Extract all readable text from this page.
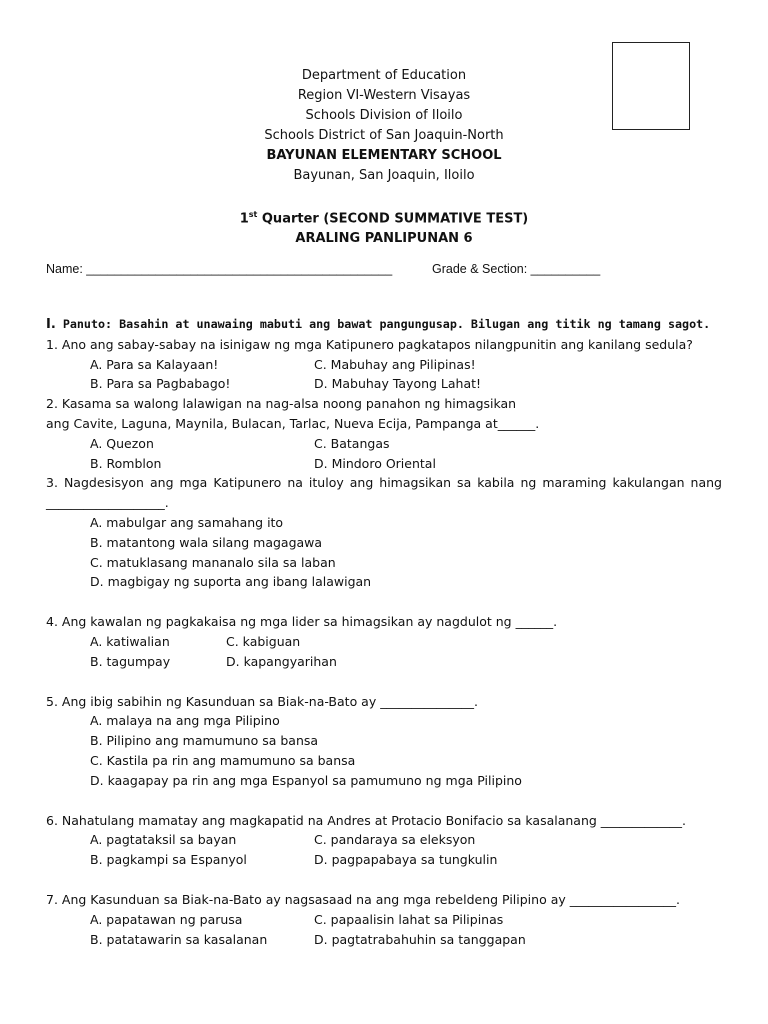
Department of Education
Region VI-Western Visayas
Schools Division of Iloilo
Schools District of San Joaquin-North
BAYUNAN ELEMENTARY SCHOOL
Bayunan, San Joaquin, Iloilo
1st Quarter (SECOND SUMMATIVE TEST)
ARALING PANLIPUNAN 6
Name: ____________________________________________	Grade & Section: __________
I. Panuto: Basahin at unawaing mabuti ang bawat pangungusap. Bilugan ang titik ng tamang sagot.

1. Ano ang sabay-sabay na isinigaw ng mga Katipunero pagkatapos nilangpunitin ang kanilang sedula?

A. Para sa Kalayaan!	C. Mabuhay ang Pilipinas!
B. Para sa Pagbabago!	D. Mabuhay Tayong Lahat!

2. Kasama sa walong lalawigan na nag-alsa noong panahon ng himagsikan

ang Cavite, Laguna, Maynila, Bulacan, Tarlac, Nueva Ecija, Pampanga at______.

A. Quezon	C. Batangas
B. Romblon	D. Mindoro Oriental

3. Nagdesisyon ang mga Katipunero na ituloy ang himagsikan sa kabila ng maraming kakulangan nang

___________________.

A. mabulgar ang samahang ito
B. matantong wala silang magagawa
C. matuklasang mananalo sila sa laban
D. magbigay ng suporta ang ibang lalawigan

4. Ang kawalan ng pagkakaisa ng mga lider sa himagsikan ay nagdulot ng ______.

A. katiwalian	C. kabiguan
B. tagumpay	D. kapangyarihan

5. Ang ibig sabihin ng Kasunduan sa Biak-na-Bato ay _______________.

A. malaya na ang mga Pilipino
B. Pilipino ang mamumuno sa bansa
C. Kastila pa rin ang mamumuno sa bansa
D. kaagapay pa rin ang mga Espanyol sa pamumuno ng mga Pilipino

6. Nahatulang mamatay ang magkapatid na Andres at Protacio Bonifacio sa kasalanang _____________.

A. pagtataksil sa bayan	C. pandaraya sa eleksyon
B. pagkampi sa Espanyol	D. pagpapabaya sa tungkulin

7. Ang Kasunduan sa Biak-na-Bato ay nagsasaad na ang mga rebeldeng Pilipino ay _________________.

A. papatawan ng parusa	C. papaalisin lahat sa Pilipinas
B. patatawarin sa kasalanan	D. pagtatrabahuhin sa tanggapan
